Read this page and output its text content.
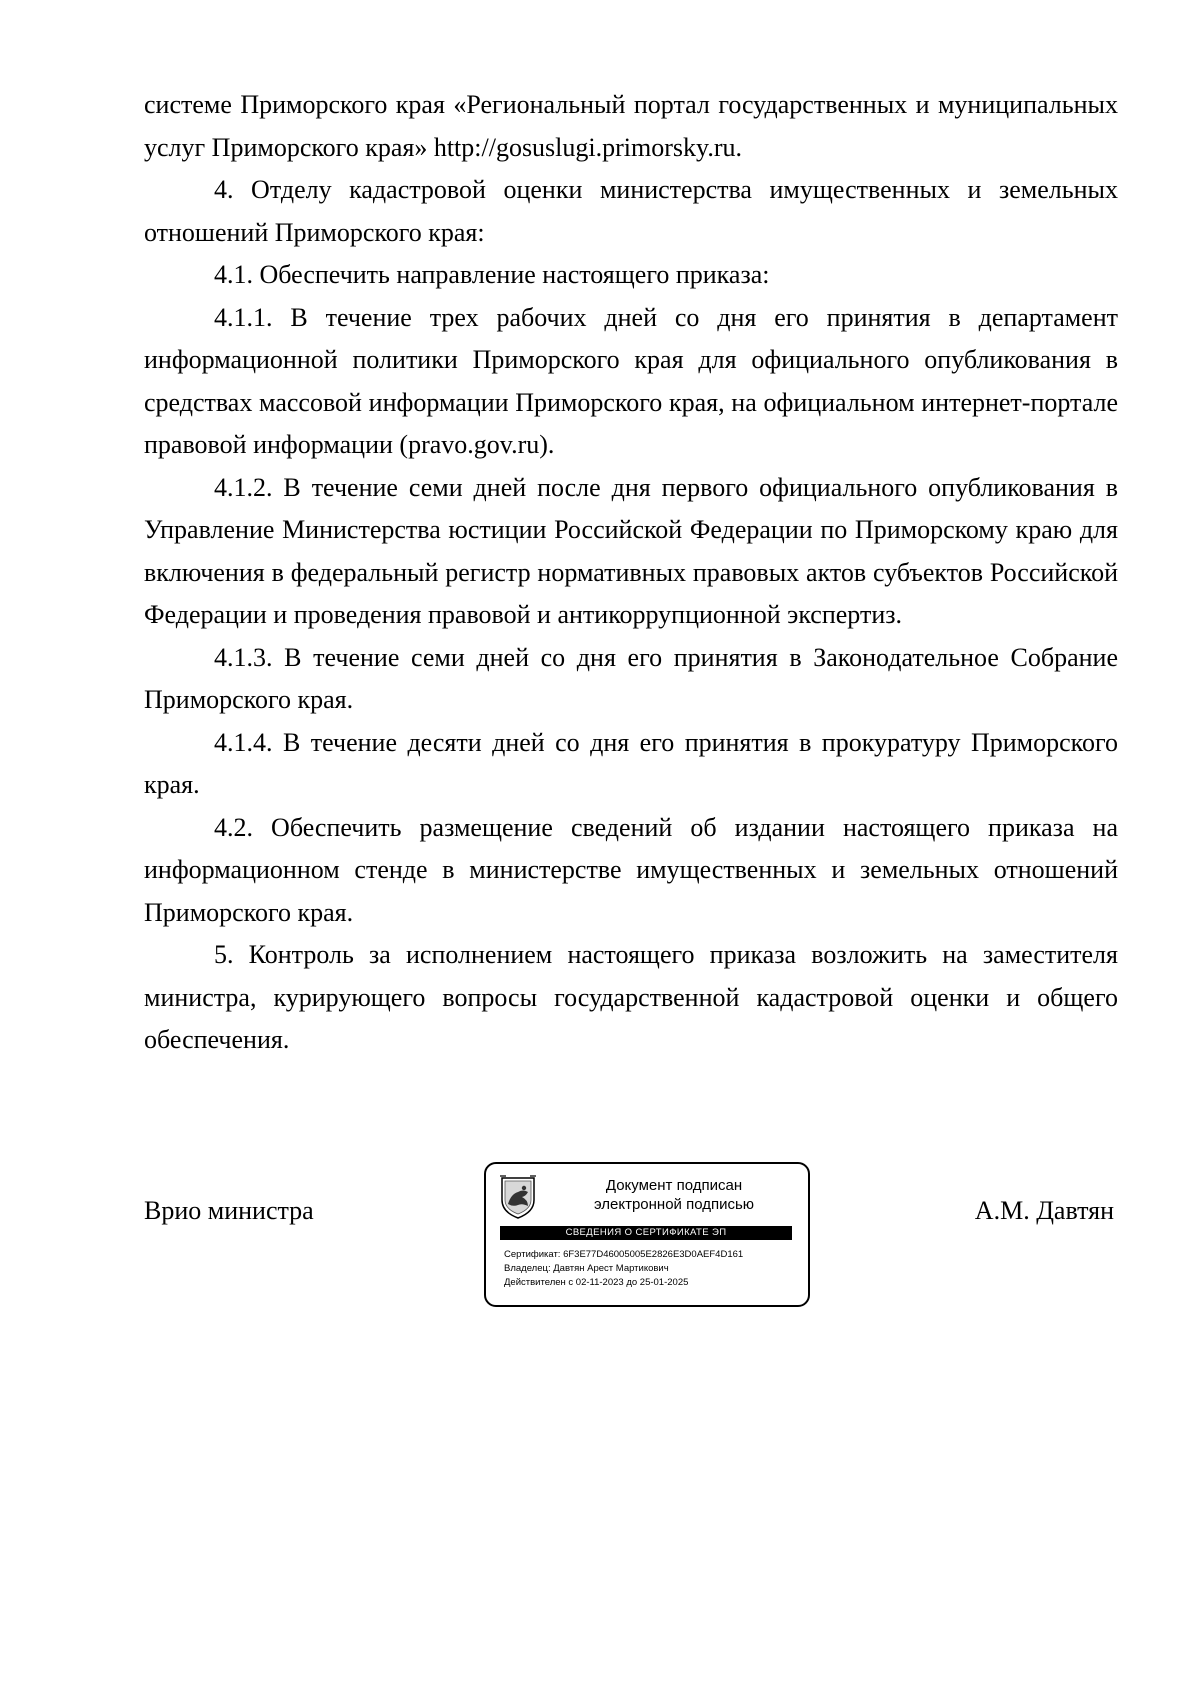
системе Приморского края «Региональный портал государственных и муниципальных услуг Приморского края» http://gosuslugi.primorsky.ru.

4. Отделу кадастровой оценки министерства имущественных и земельных отношений Приморского края:

4.1. Обеспечить направление настоящего приказа:

4.1.1. В течение трех рабочих дней со дня его принятия в департамент информационной политики Приморского края для официального опубликования в средствах массовой информации Приморского края, на официальном интернет-портале правовой информации (pravo.gov.ru).

4.1.2. В течение семи дней после дня первого официального опубликования в Управление Министерства юстиции Российской Федерации по Приморскому краю для включения в федеральный регистр нормативных правовых актов субъектов Российской Федерации и проведения правовой и антикоррупционной экспертиз.

4.1.3. В течение семи дней со дня его принятия в Законодательное Собрание Приморского края.

4.1.4. В течение десяти дней со дня его принятия в прокуратуру Приморского края.

4.2. Обеспечить размещение сведений об издании настоящего приказа на информационном стенде в министерстве имущественных и земельных отношений Приморского края.

5. Контроль за исполнением настоящего приказа возложить на заместителя министра, курирующего вопросы государственной кадастровой оценки и общего обеспечения.

Врио министра
Документ подписан
электронной подписью
СВЕДЕНИЯ О СЕРТИФИКАТЕ ЭП
Сертификат: 6F3E77D46005005E2826E3D0AEF4D161
Владелец: Давтян Арест Мартикович
Действителен с 02-11-2023 до 25-01-2025
А.М. Давтян
